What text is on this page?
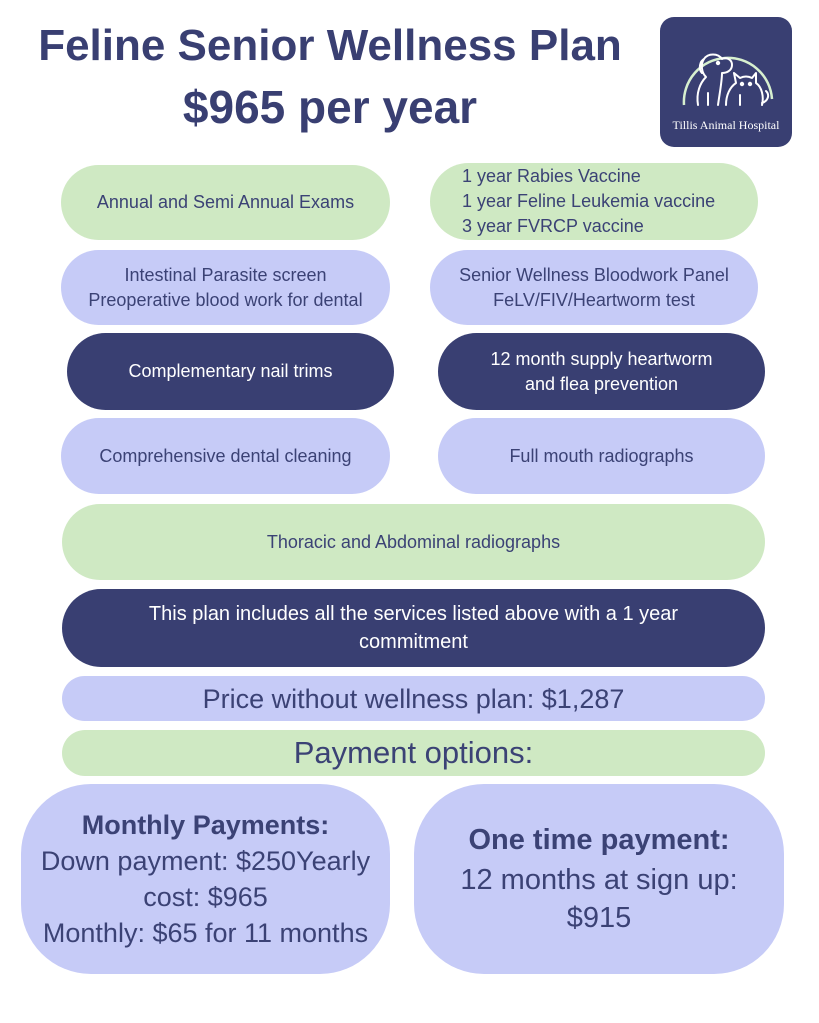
Feline Senior Wellness Plan
$965 per year	Tillis Animal Hospital
Annual and Semi Annual Exams
1 year Rabies Vaccine
1 year Feline Leukemia vaccine
3 year FVRCP vaccine
Intestinal Parasite screen
Preoperative blood work for dental
Senior Wellness Bloodwork Panel
FeLV/FIV/Heartworm test
Complementary nail trims
12 month supply heartworm
and flea prevention
Comprehensive dental cleaning	Full mouth radiographs
Thoracic and Abdominal radiographs
This plan includes all the services listed above with a 1 year
commitment
Price without wellness plan: $1,287
Payment options:
Monthly Payments:
Down payment: $250Yearly
cost: $965
Monthly: $65 for 11 months
One time payment:
12 months at sign up:
$915
